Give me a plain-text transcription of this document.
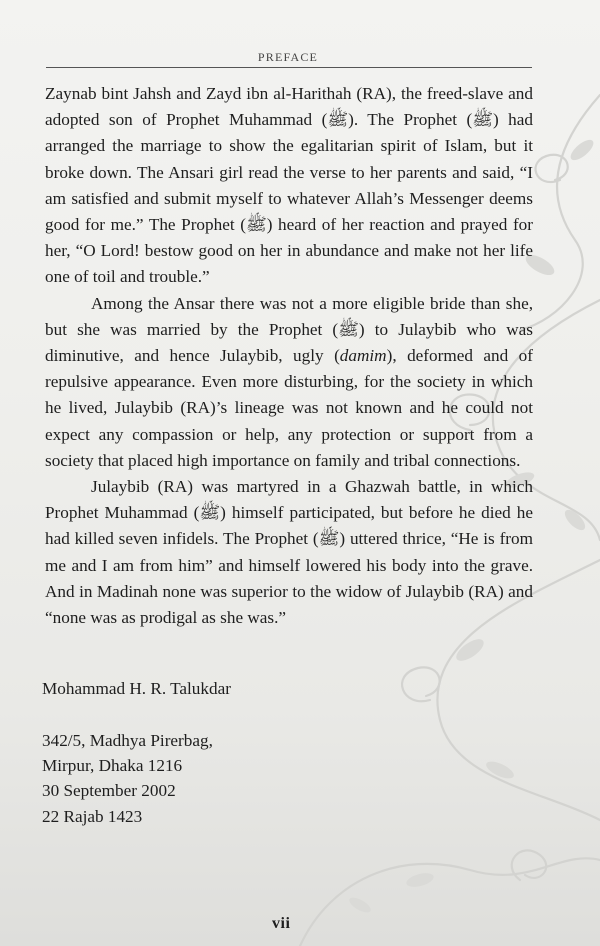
PREFACE

Zaynab bint Jahsh and Zayd ibn al-Harithah (RA), the freed-slave and adopted son of Prophet Muhammad (ﷺ). The Prophet (ﷺ) had arranged the marriage to show the egalitarian spirit of Islam, but it broke down. The Ansari girl read the verse to her parents and said, “I am satisfied and submit myself to whatever Allah’s Messenger deems good for me.” The Prophet (ﷺ) heard of her reaction and prayed for her, “O Lord! bestow good on her in abundance and make not her life one of toil and trouble.”

Among the Ansar there was not a more eligible bride than she, but she was married by the Prophet (ﷺ) to Julaybib who was diminutive, and hence Julaybib, ugly (damim), deformed and of repulsive appearance. Even more disturbing, for the society in which he lived, Julaybib (RA)’s lineage was not known and he could not expect any compassion or help, any protection or support from a society that placed high importance on family and tribal connections.

Julaybib (RA) was martyred in a Ghazwah battle, in which Prophet Muhammad (ﷺ) himself participated, but before he died he had killed seven infidels. The Prophet (ﷺ) uttered thrice, “He is from me and I am from him” and himself lowered his body into the grave. And in Madinah none was superior to the widow of Julaybib (RA) and “none was as prodigal as she was.”

Mohammad H. R. Talukdar
342/5, Madhya Pirerbag,
Mirpur, Dhaka 1216
30 September 2002
22 Rajab 1423
vii
